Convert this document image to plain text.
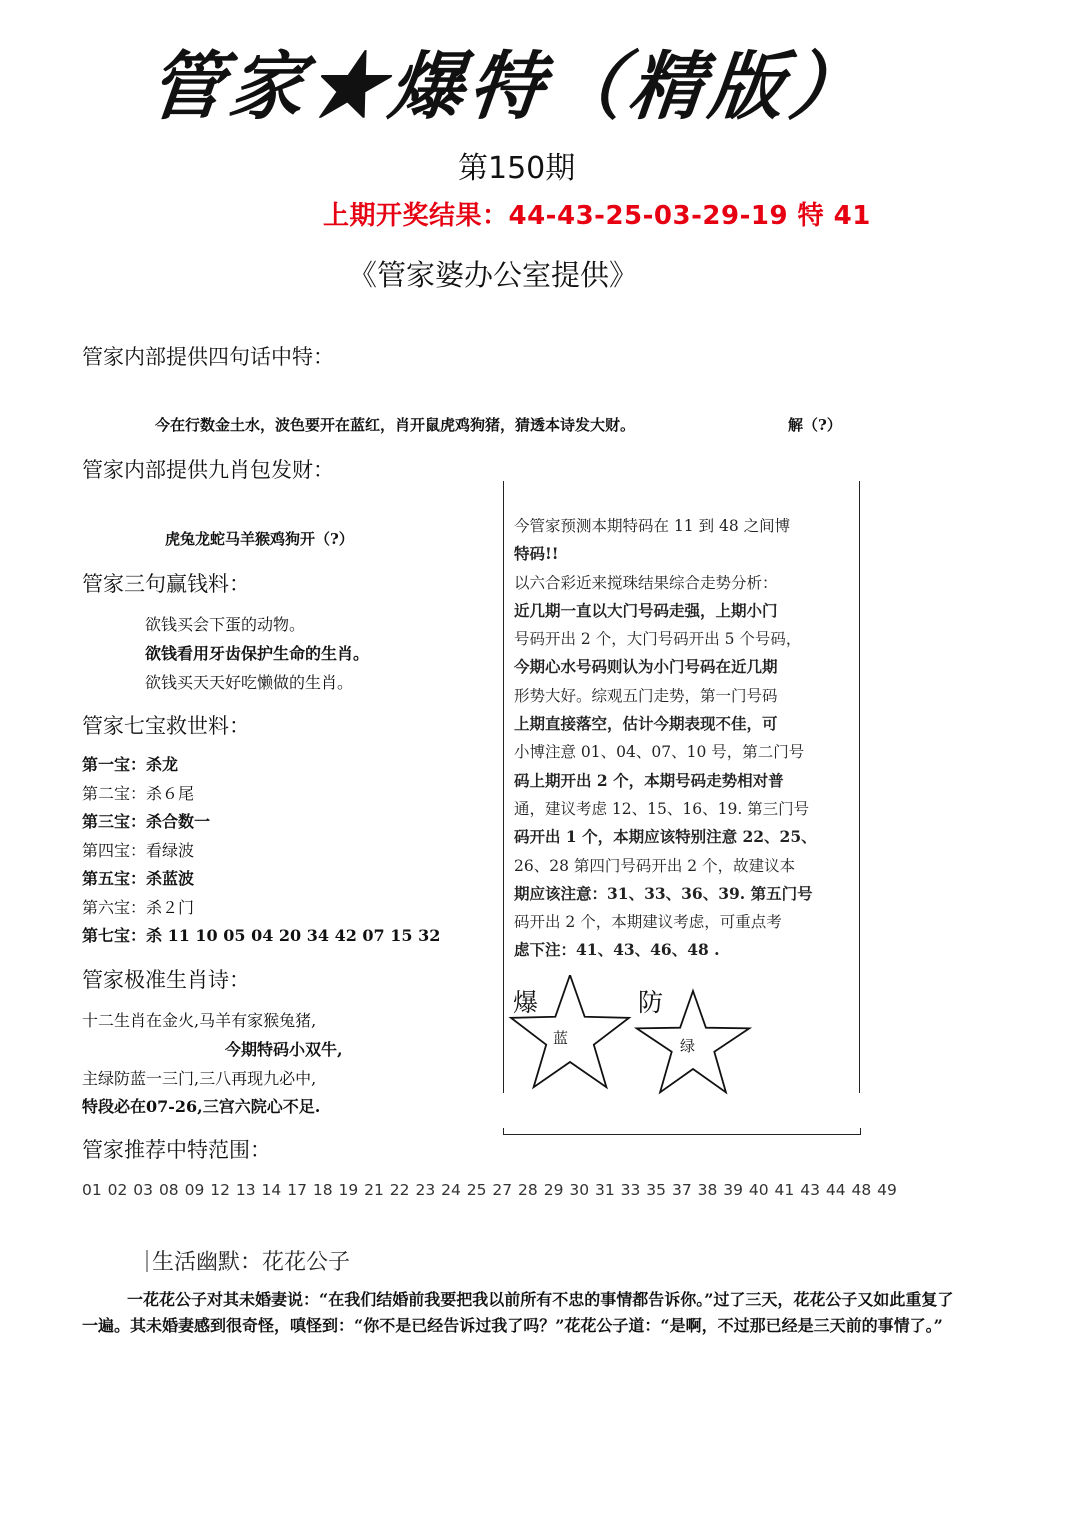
管家★爆特（精版）
第150期
上期开奖结果：44-43-25-03-29-19 特 41
《管家婆办公室提供》
管家内部提供四句话中特：
今在行数金土水，波色要开在蓝红，肖开鼠虎鸡狗猪，猜透本诗发大财。	解（?）
管家内部提供九肖包发财：
虎兔龙蛇马羊猴鸡狗开（?）
管家三句赢钱料：
欲钱买会下蛋的动物。
欲钱看用牙齿保护生命的生肖。
欲钱买天天好吃懒做的生肖。
管家七宝救世料：
第一宝：杀龙
第二宝：杀６尾
第三宝：杀合数一
第四宝：看绿波
第五宝：杀蓝波
第六宝：杀２门
第七宝：杀 11 10 05 04 20 34 42 07 15 32
管家极准生肖诗：
十二生肖在金火,马羊有家猴兔猪,
今期特码小双牛,
主绿防蓝一三门,三八再现九必中,
特段必在07-26,三宫六院心不足.
管家推荐中特范围：
01 02 03 08 09 12 13 14 17 18 19 21 22 23 24 25 27 28 29 30 31 33 35 37 38 39 40 41 43 44 48 49
生活幽默：花花公子
一花花公子对其未婚妻说：“在我们结婚前我要把我以前所有不忠的事情都告诉你。”过了三天，花花公子又如此重复了一遍。其未婚妻感到很奇怪，嗔怪到：“你不是已经告诉过我了吗？”花花公子道：“是啊，不过那已经是三天前的事情了。”

今管家预测本期特码在 11 到 48 之间博

特码!!

以六合彩近来搅珠结果综合走势分析：

近几期一直以大门号码走强，上期小门

号码开出 2 个，大门号码开出 5 个号码，

今期心水号码则认为小门号码在近几期

形势大好。综观五门走势，第一门号码

上期直接落空，估计今期表现不佳，可

小博注意 01、04、07、10 号，第二门号

码上期开出 2 个，本期号码走势相对普

通，建议考虑 12、15、16、19. 第三门号

码开出 1 个，本期应该特别注意 22、25、

26、28 第四门号码开出 2 个，故建议本

期应该注意：31、33、36、39. 第五门号

码开出 2 个，本期建议考虑，可重点考

虑下注：41、43、46、48 .

爆	防
蓝	绿
